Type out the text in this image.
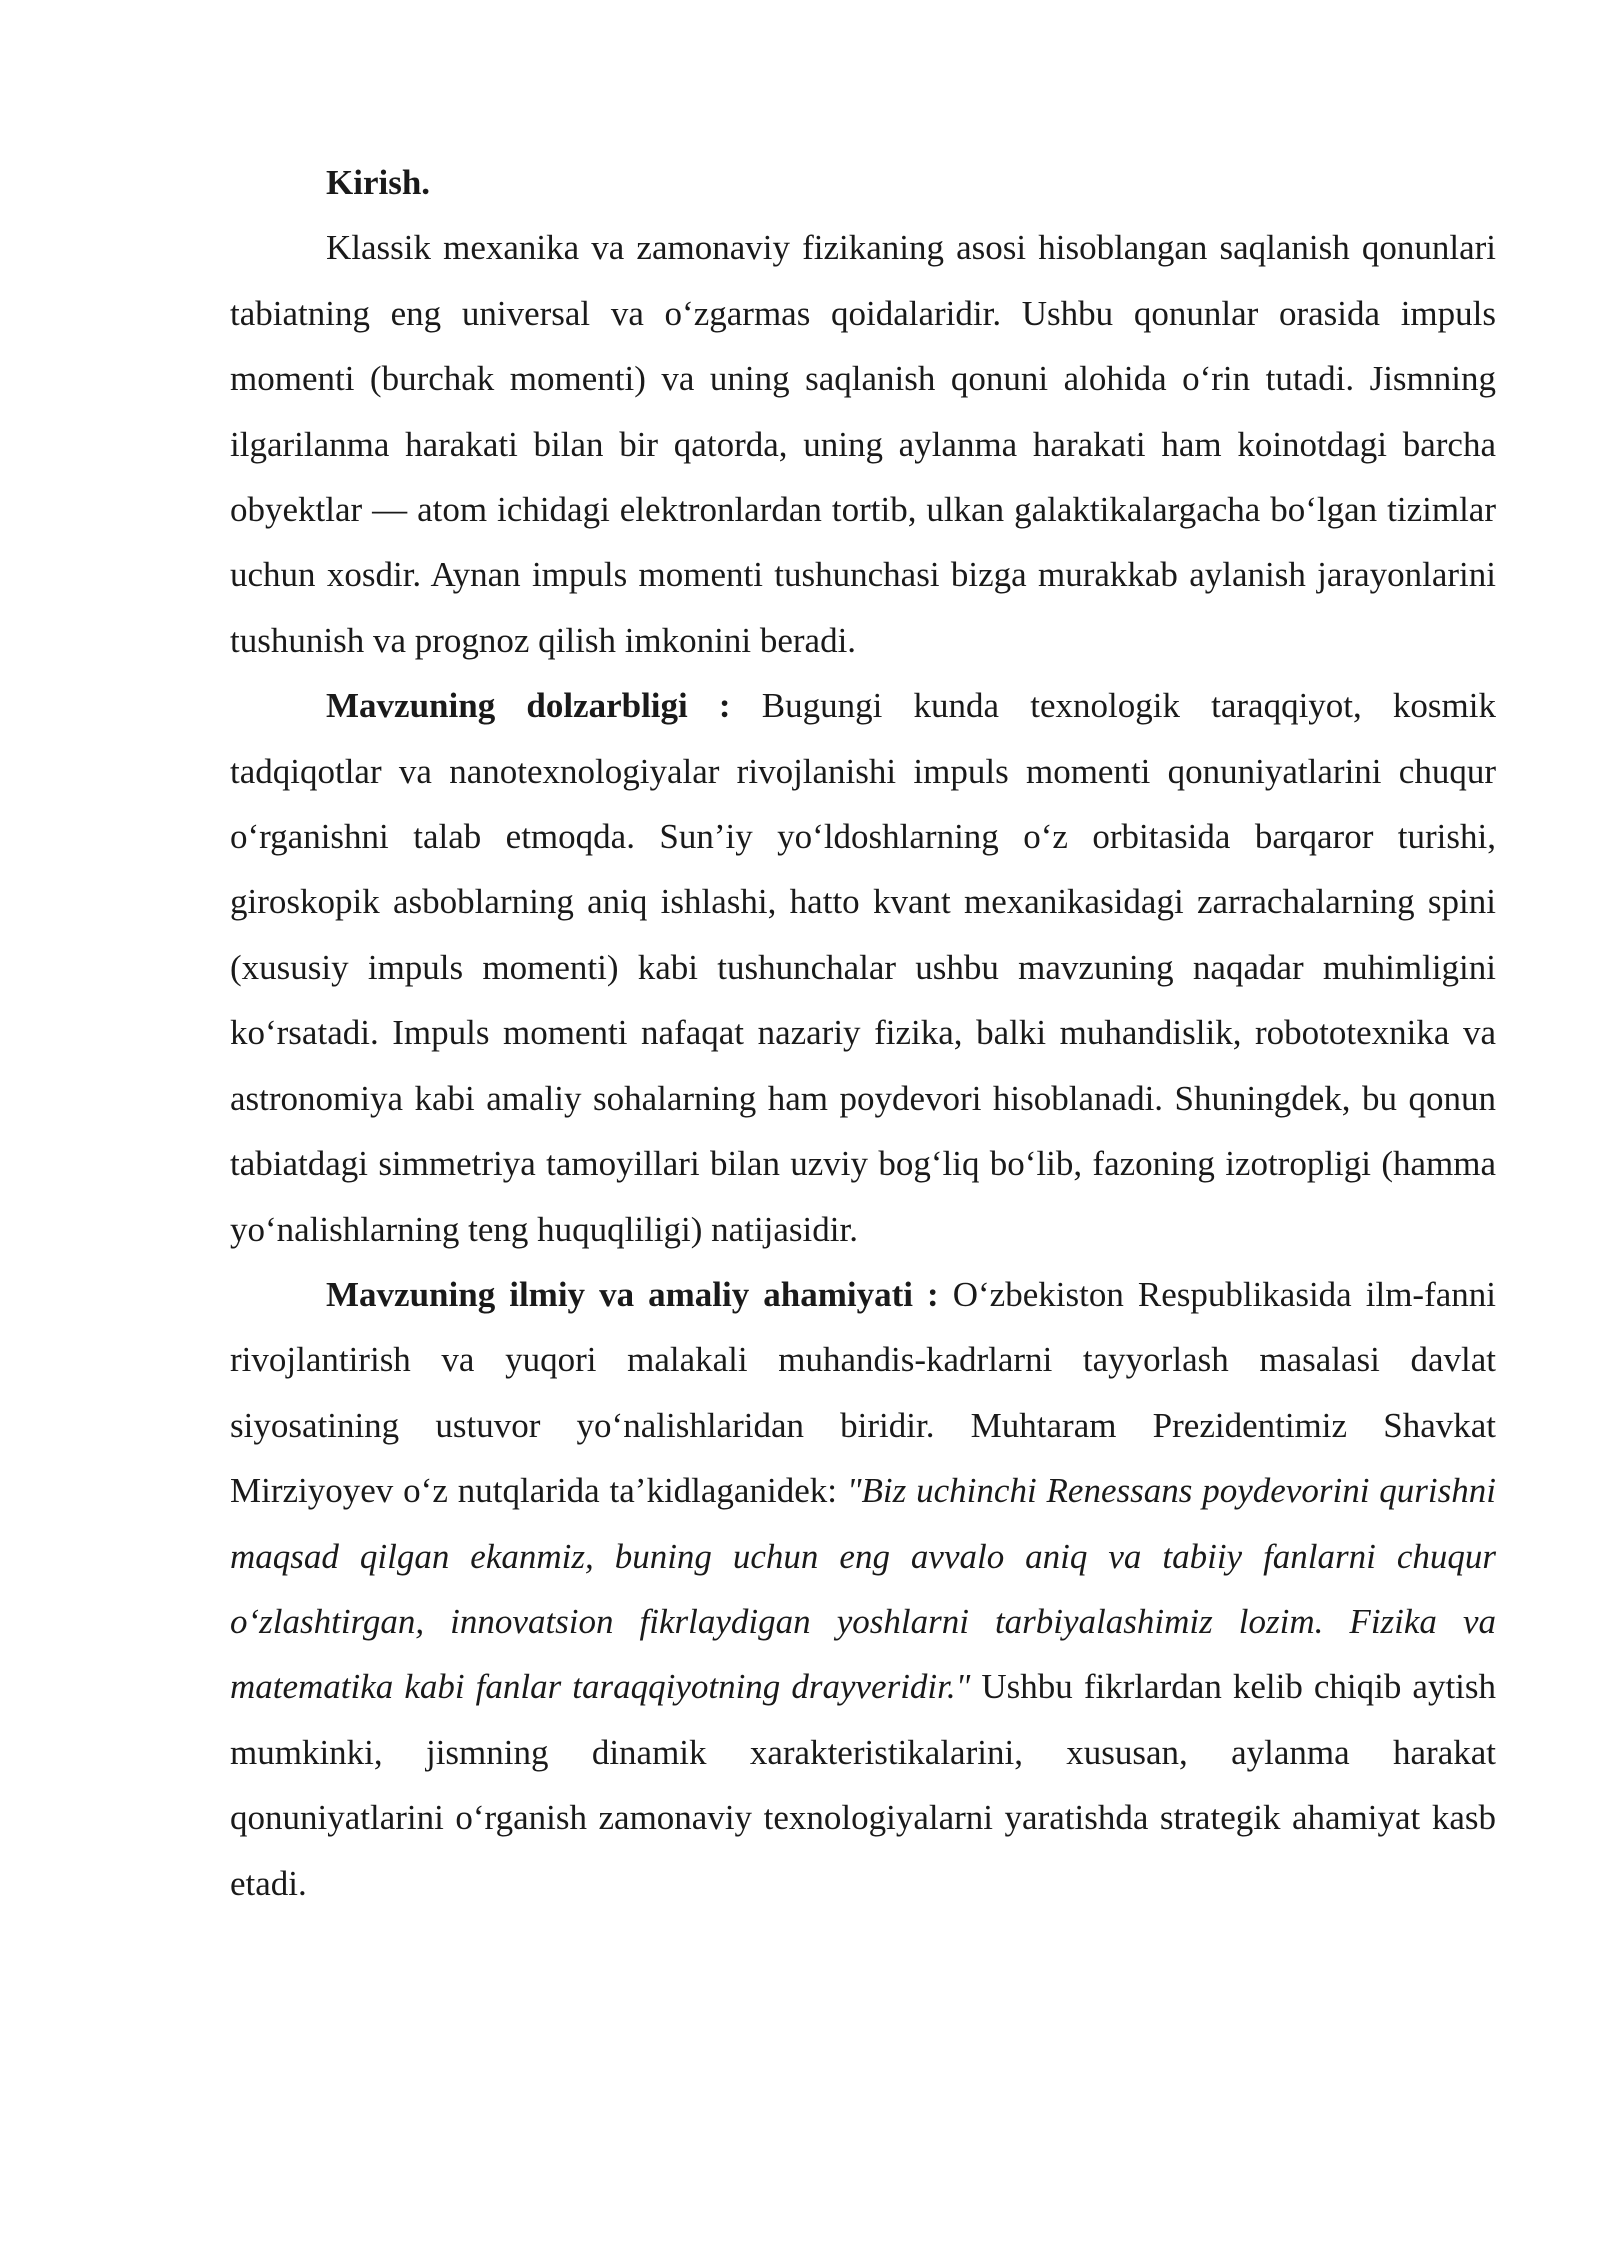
Kirish.

Klassik mexanika va zamonaviy fizikaning asosi hisoblangan saqlanish qonunlari tabiatning eng universal va o‘zgarmas qoidalaridir. Ushbu qonunlar orasida impuls momenti (burchak momenti) va uning saqlanish qonuni alohida o‘rin tutadi. Jismning ilgarilanma harakati bilan bir qatorda, uning aylanma harakati ham koinotdagi barcha obyektlar — atom ichidagi elektronlardan tortib, ulkan galaktikalargacha bo‘lgan tizimlar uchun xosdir. Aynan impuls momenti tushunchasi bizga murakkab aylanish jarayonlarini tushunish va prognoz qilish imkonini beradi.

Mavzuning dolzarbligi : Bugungi kunda texnologik taraqqiyot, kosmik tadqiqotlar va nanotexnologiyalar rivojlanishi impuls momenti qonuniyatlarini chuqur o‘rganishni talab etmoqda. Sun’iy yo‘ldoshlarning o‘z orbitasida barqaror turishi, giroskopik asboblarning aniq ishlashi, hatto kvant mexanikasidagi zarrachalarning spini (xususiy impuls momenti) kabi tushunchalar ushbu mavzuning naqadar muhimligini ko‘rsatadi. Impuls momenti nafaqat nazariy fizika, balki muhandislik, robototexnika va astronomiya kabi amaliy sohalarning ham poydevori hisoblanadi. Shuningdek, bu qonun tabiatdagi simmetriya tamoyillari bilan uzviy bog‘liq bo‘lib, fazoning izotropligi (hamma yo‘nalishlarning teng huquqliligi) natijasidir.

Mavzuning ilmiy va amaliy ahamiyati : O‘zbekiston Respublikasida ilm-fanni rivojlantirish va yuqori malakali muhandis-kadrlarni tayyorlash masalasi davlat siyosatining ustuvor yo‘nalishlaridan biridir. Muhtaram Prezidentimiz Shavkat Mirziyoyev o‘z nutqlarida ta’kidlaganidek: "Biz uchinchi Renessans poydevorini qurishni maqsad qilgan ekanmiz, buning uchun eng avvalo aniq va tabiiy fanlarni chuqur o‘zlashtirgan, innovatsion fikrlaydigan yoshlarni tarbiyalashimiz lozim. Fizika va matematika kabi fanlar taraqqiyotning drayveridir." Ushbu fikrlardan kelib chiqib aytish mumkinki, jismning dinamik xarakteristikalarini, xususan, aylanma harakat qonuniyatlarini o‘rganish zamonaviy texnologiyalarni yaratishda strategik ahamiyat kasb etadi.
